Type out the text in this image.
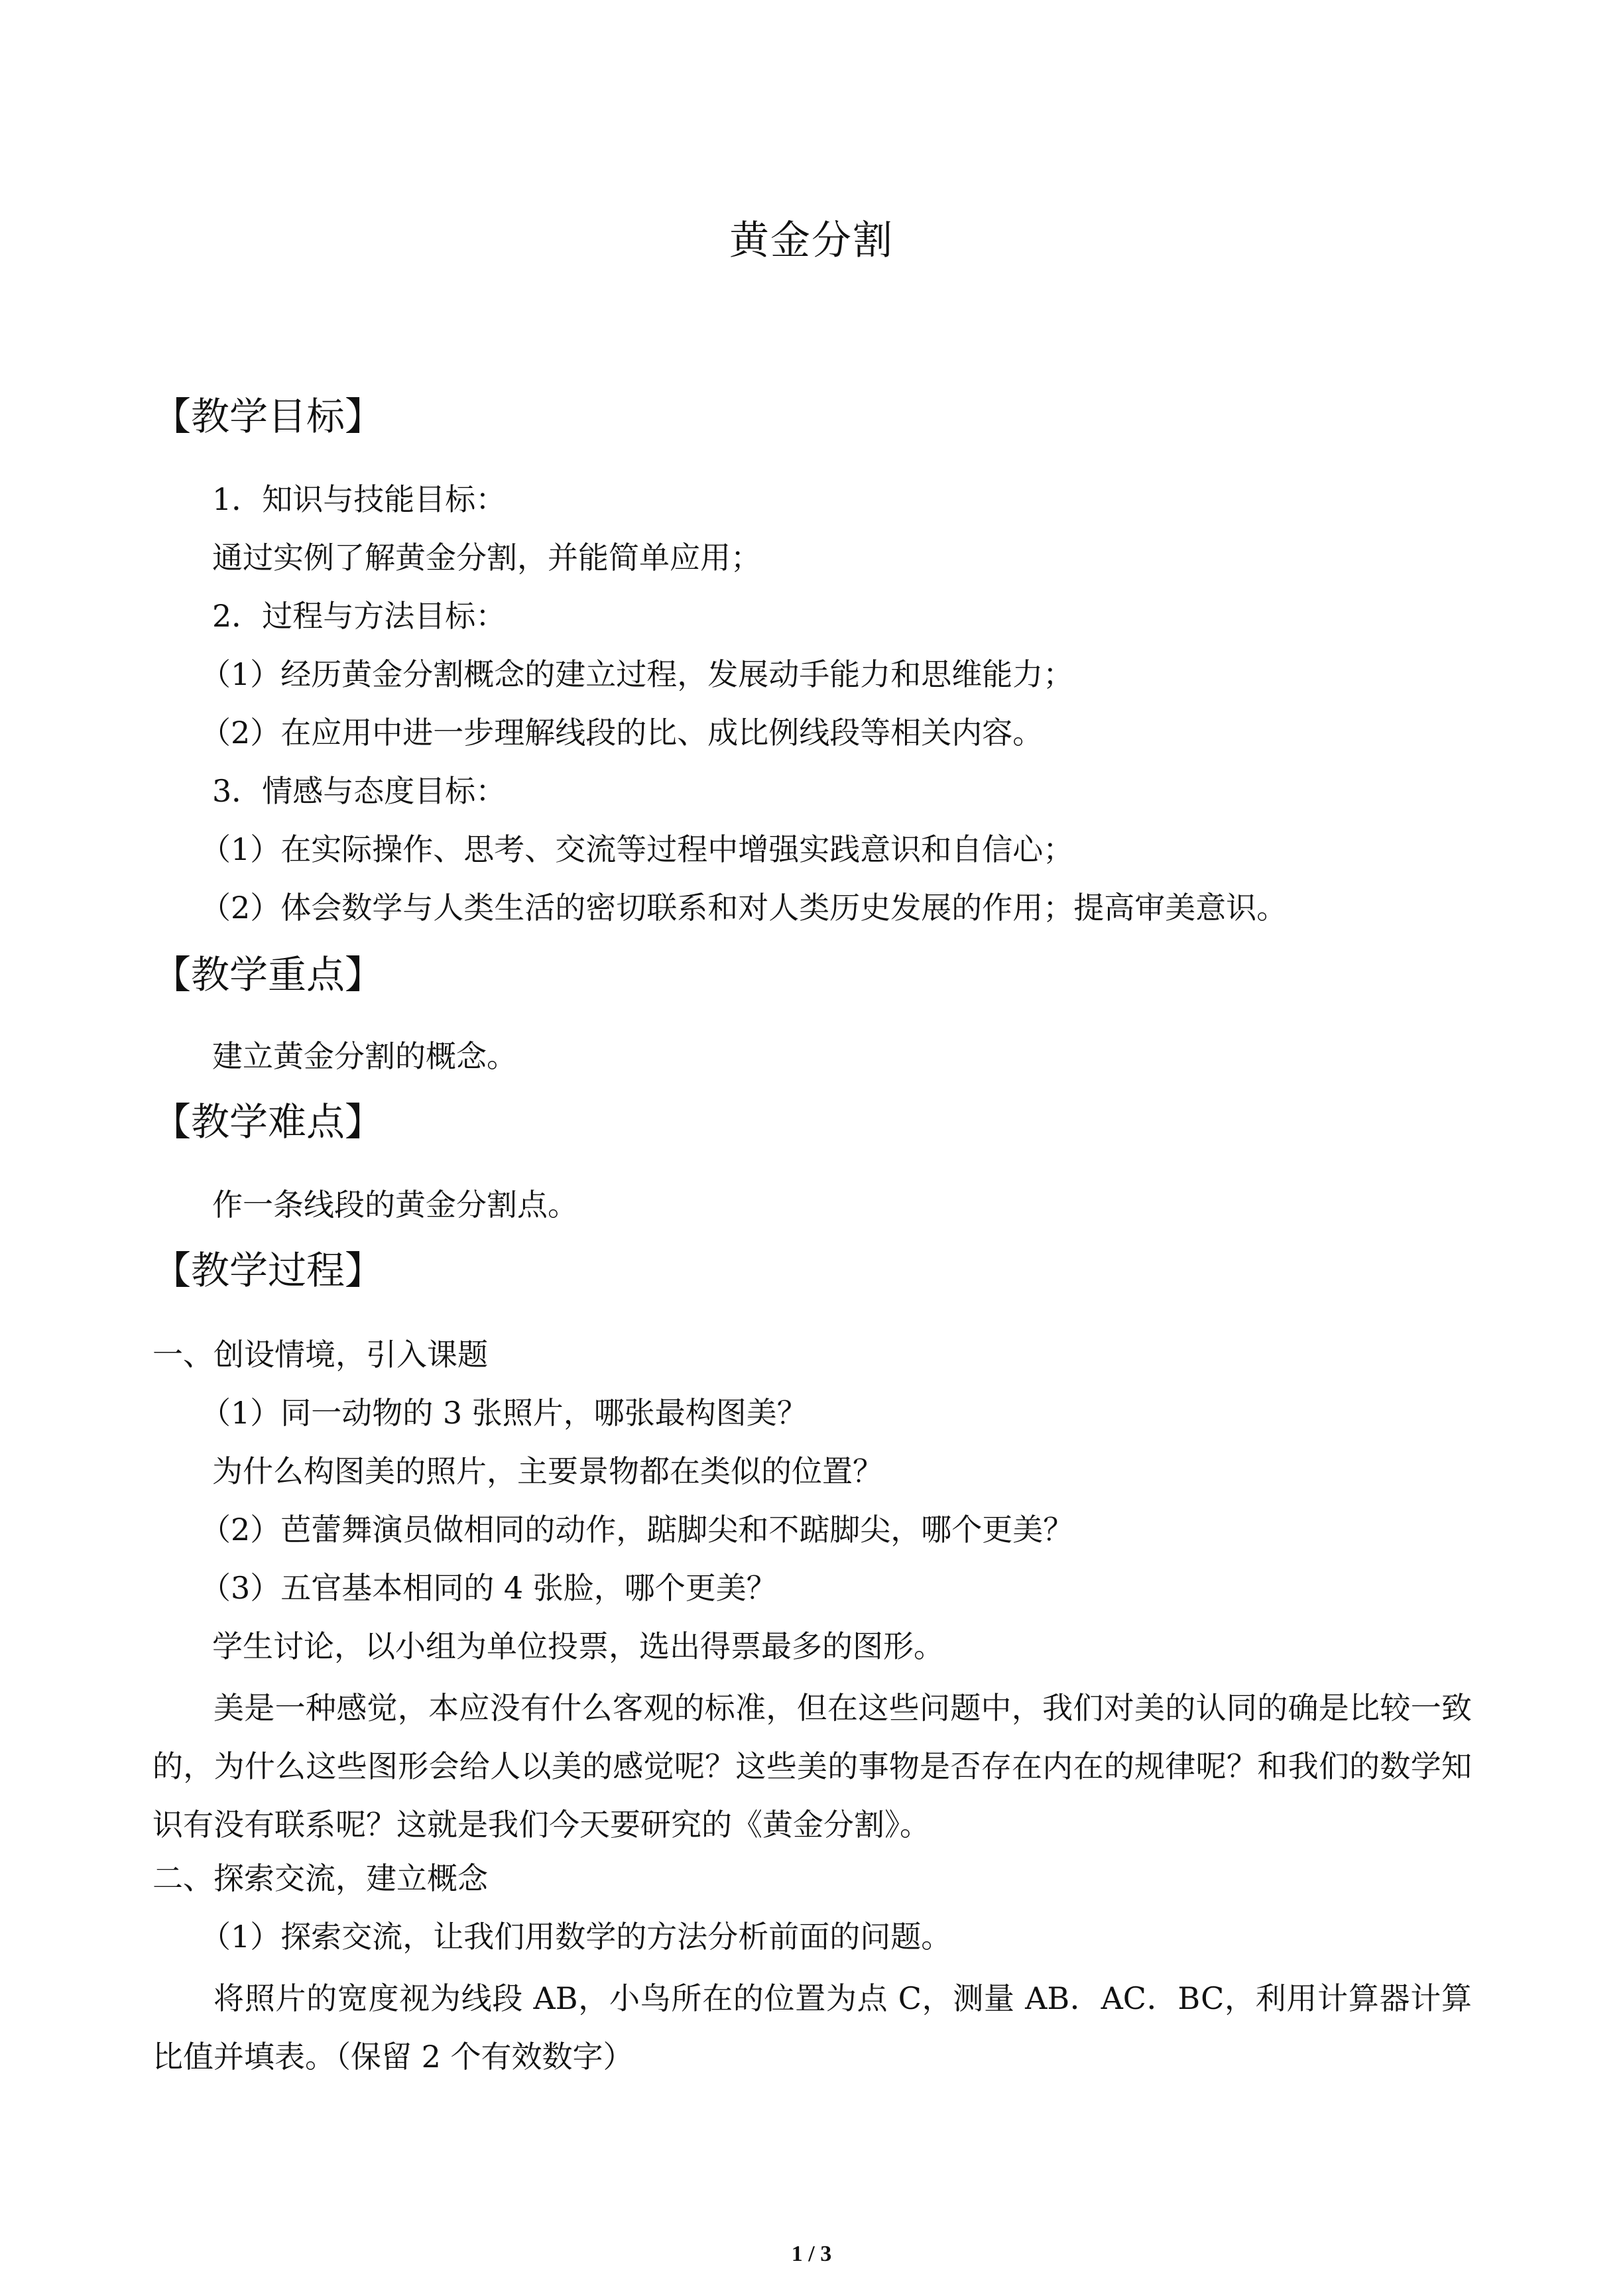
黄金分割
【教学目标】
1．知识与技能目标：
通过实例了解黄金分割，并能简单应用；
2．过程与方法目标：
（1）经历黄金分割概念的建立过程，发展动手能力和思维能力；
（2）在应用中进一步理解线段的比、成比例线段等相关内容。
3．情感与态度目标：
（1）在实际操作、思考、交流等过程中增强实践意识和自信心；
（2）体会数学与人类生活的密切联系和对人类历史发展的作用；提高审美意识。
【教学重点】
建立黄金分割的概念。
【教学难点】
作一条线段的黄金分割点。
【教学过程】
一、创设情境，引入课题
（1）同一动物的 3 张照片，哪张最构图美？
为什么构图美的照片，主要景物都在类似的位置？
（2）芭蕾舞演员做相同的动作，踮脚尖和不踮脚尖，哪个更美？
（3）五官基本相同的 4 张脸，哪个更美？
学生讨论，以小组为单位投票，选出得票最多的图形。
美是一种感觉，本应没有什么客观的标准，但在这些问题中，我们对美的认同的确是比较一致的，为什么这些图形会给人以美的感觉呢？这些美的事物是否存在内在的规律呢？和我们的数学知识有没有联系呢？这就是我们今天要研究的《黄金分割》。
二、探索交流，建立概念
（1）探索交流，让我们用数学的方法分析前面的问题。
将照片的宽度视为线段 AB，小鸟所在的位置为点 C，测量 AB．AC．BC，利用计算器计算比值并填表。（保留 2 个有效数字）
1 / 3
